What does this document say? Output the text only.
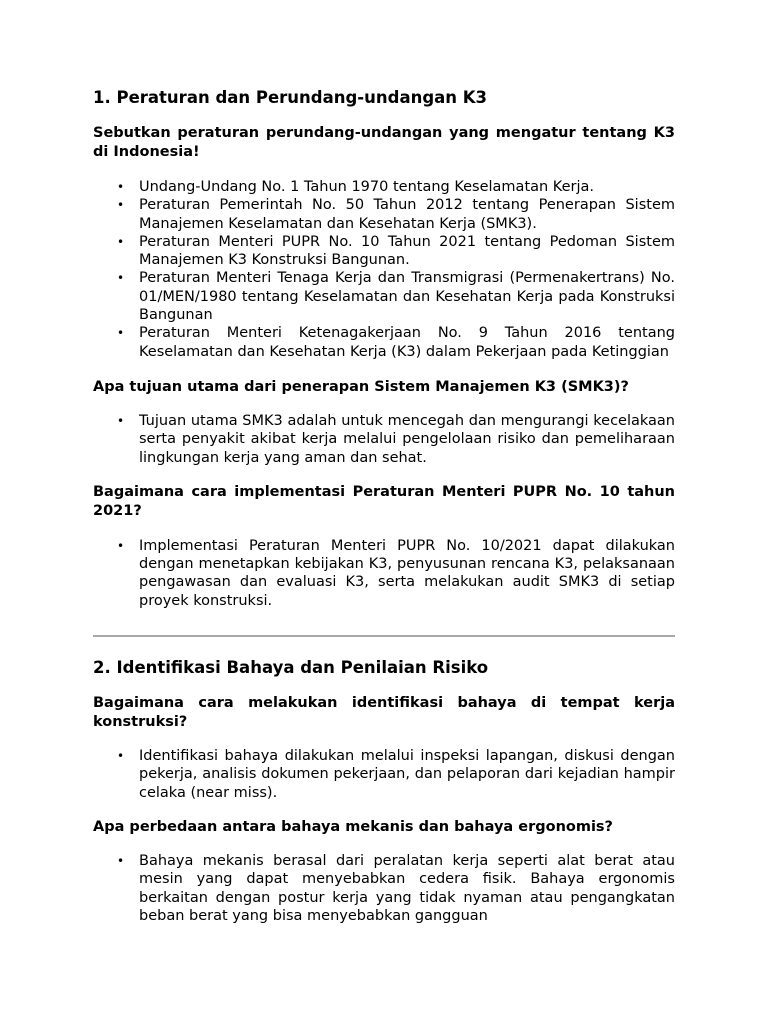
1. Peraturan dan Perundang-undangan K3

Sebutkan peraturan perundang-undangan yang mengatur tentang K3 di Indonesia!

• Undang-Undang No. 1 Tahun 1970 tentang Keselamatan Kerja.
• Peraturan Pemerintah No. 50 Tahun 2012 tentang Penerapan Sistem Manajemen Keselamatan dan Kesehatan Kerja (SMK3).
• Peraturan Menteri PUPR No. 10 Tahun 2021 tentang Pedoman Sistem Manajemen K3 Konstruksi Bangunan.
• Peraturan Menteri Tenaga Kerja dan Transmigrasi (Permenakertrans) No. 01/MEN/1980 tentang Keselamatan dan Kesehatan Kerja pada Konstruksi Bangunan
• Peraturan Menteri Ketenagakerjaan No. 9 Tahun 2016 tentang Keselamatan dan Kesehatan Kerja (K3) dalam Pekerjaan pada Ketinggian

Apa tujuan utama dari penerapan Sistem Manajemen K3 (SMK3)?

• Tujuan utama SMK3 adalah untuk mencegah dan mengurangi kecelakaan serta penyakit akibat kerja melalui pengelolaan risiko dan pemeliharaan lingkungan kerja yang aman dan sehat.

Bagaimana cara implementasi Peraturan Menteri PUPR No. 10 tahun 2021?

• Implementasi Peraturan Menteri PUPR No. 10/2021 dapat dilakukan dengan menetapkan kebijakan K3, penyusunan rencana K3, pelaksanaan pengawasan dan evaluasi K3, serta melakukan audit SMK3 di setiap proyek konstruksi.
2. Identifikasi Bahaya dan Penilaian Risiko

Bagaimana cara melakukan identifikasi bahaya di tempat kerja konstruksi?

• Identifikasi bahaya dilakukan melalui inspeksi lapangan, diskusi dengan pekerja, analisis dokumen pekerjaan, dan pelaporan dari kejadian hampir celaka (near miss).

Apa perbedaan antara bahaya mekanis dan bahaya ergonomis?

• Bahaya mekanis berasal dari peralatan kerja seperti alat berat atau mesin yang dapat menyebabkan cedera fisik. Bahaya ergonomis berkaitan dengan postur kerja yang tidak nyaman atau pengangkatan beban berat yang bisa menyebabkan gangguan
